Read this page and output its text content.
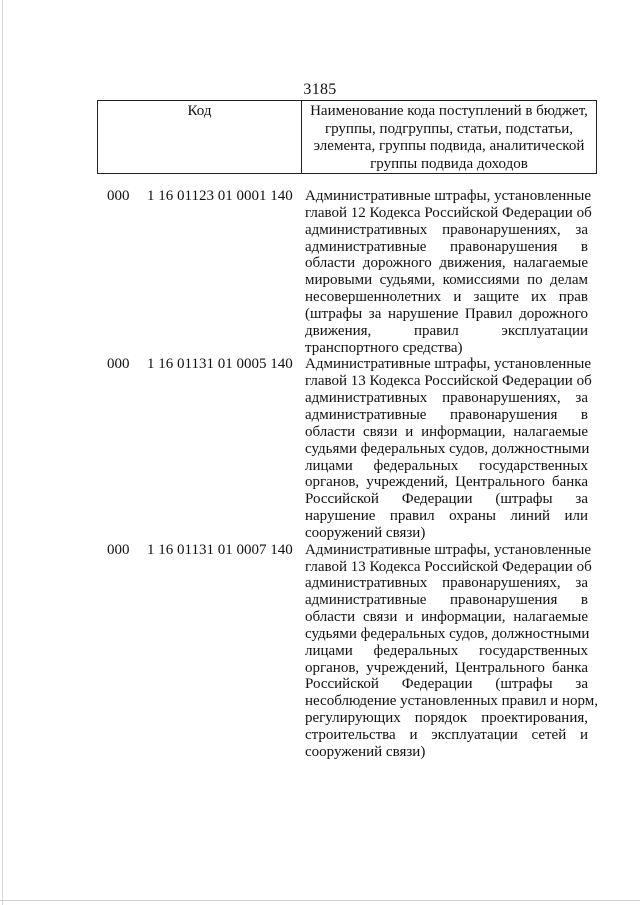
3185
Код	Наименование кода поступлений в бюджет,
группы, подгруппы, статьи, подстатьи,
элемента, группы подвида, аналитической
группы подвида доходов
000 1 16 01123 01 0001 140 Административные штрафы, установленные
главой 12 Кодекса Российской Федерации об
административных правонарушениях, за
административные правонарушения в
области дорожного движения, налагаемые
мировыми судьями, комиссиями по делам
несовершеннолетних и защите их прав
(штрафы за нарушение Правил дорожного
движения, правил эксплуатации
транспортного средства)
000 1 16 01131 01 0005 140 Административные штрафы, установленные
главой 13 Кодекса Российской Федерации об
административных правонарушениях, за
административные правонарушения в
области связи и информации, налагаемые
судьями федеральных судов, должностными
лицами федеральных государственных
органов, учреждений, Центрального банка
Российской Федерации (штрафы за
нарушение правил охраны линий или
сооружений связи)
000 1 16 01131 01 0007 140 Административные штрафы, установленные
главой 13 Кодекса Российской Федерации об
административных правонарушениях, за
административные правонарушения в
области связи и информации, налагаемые
судьями федеральных судов, должностными
лицами федеральных государственных
органов, учреждений, Центрального банка
Российской Федерации (штрафы за
несоблюдение установленных правил и норм,
регулирующих порядок проектирования,
строительства и эксплуатации сетей и
сооружений связи)
